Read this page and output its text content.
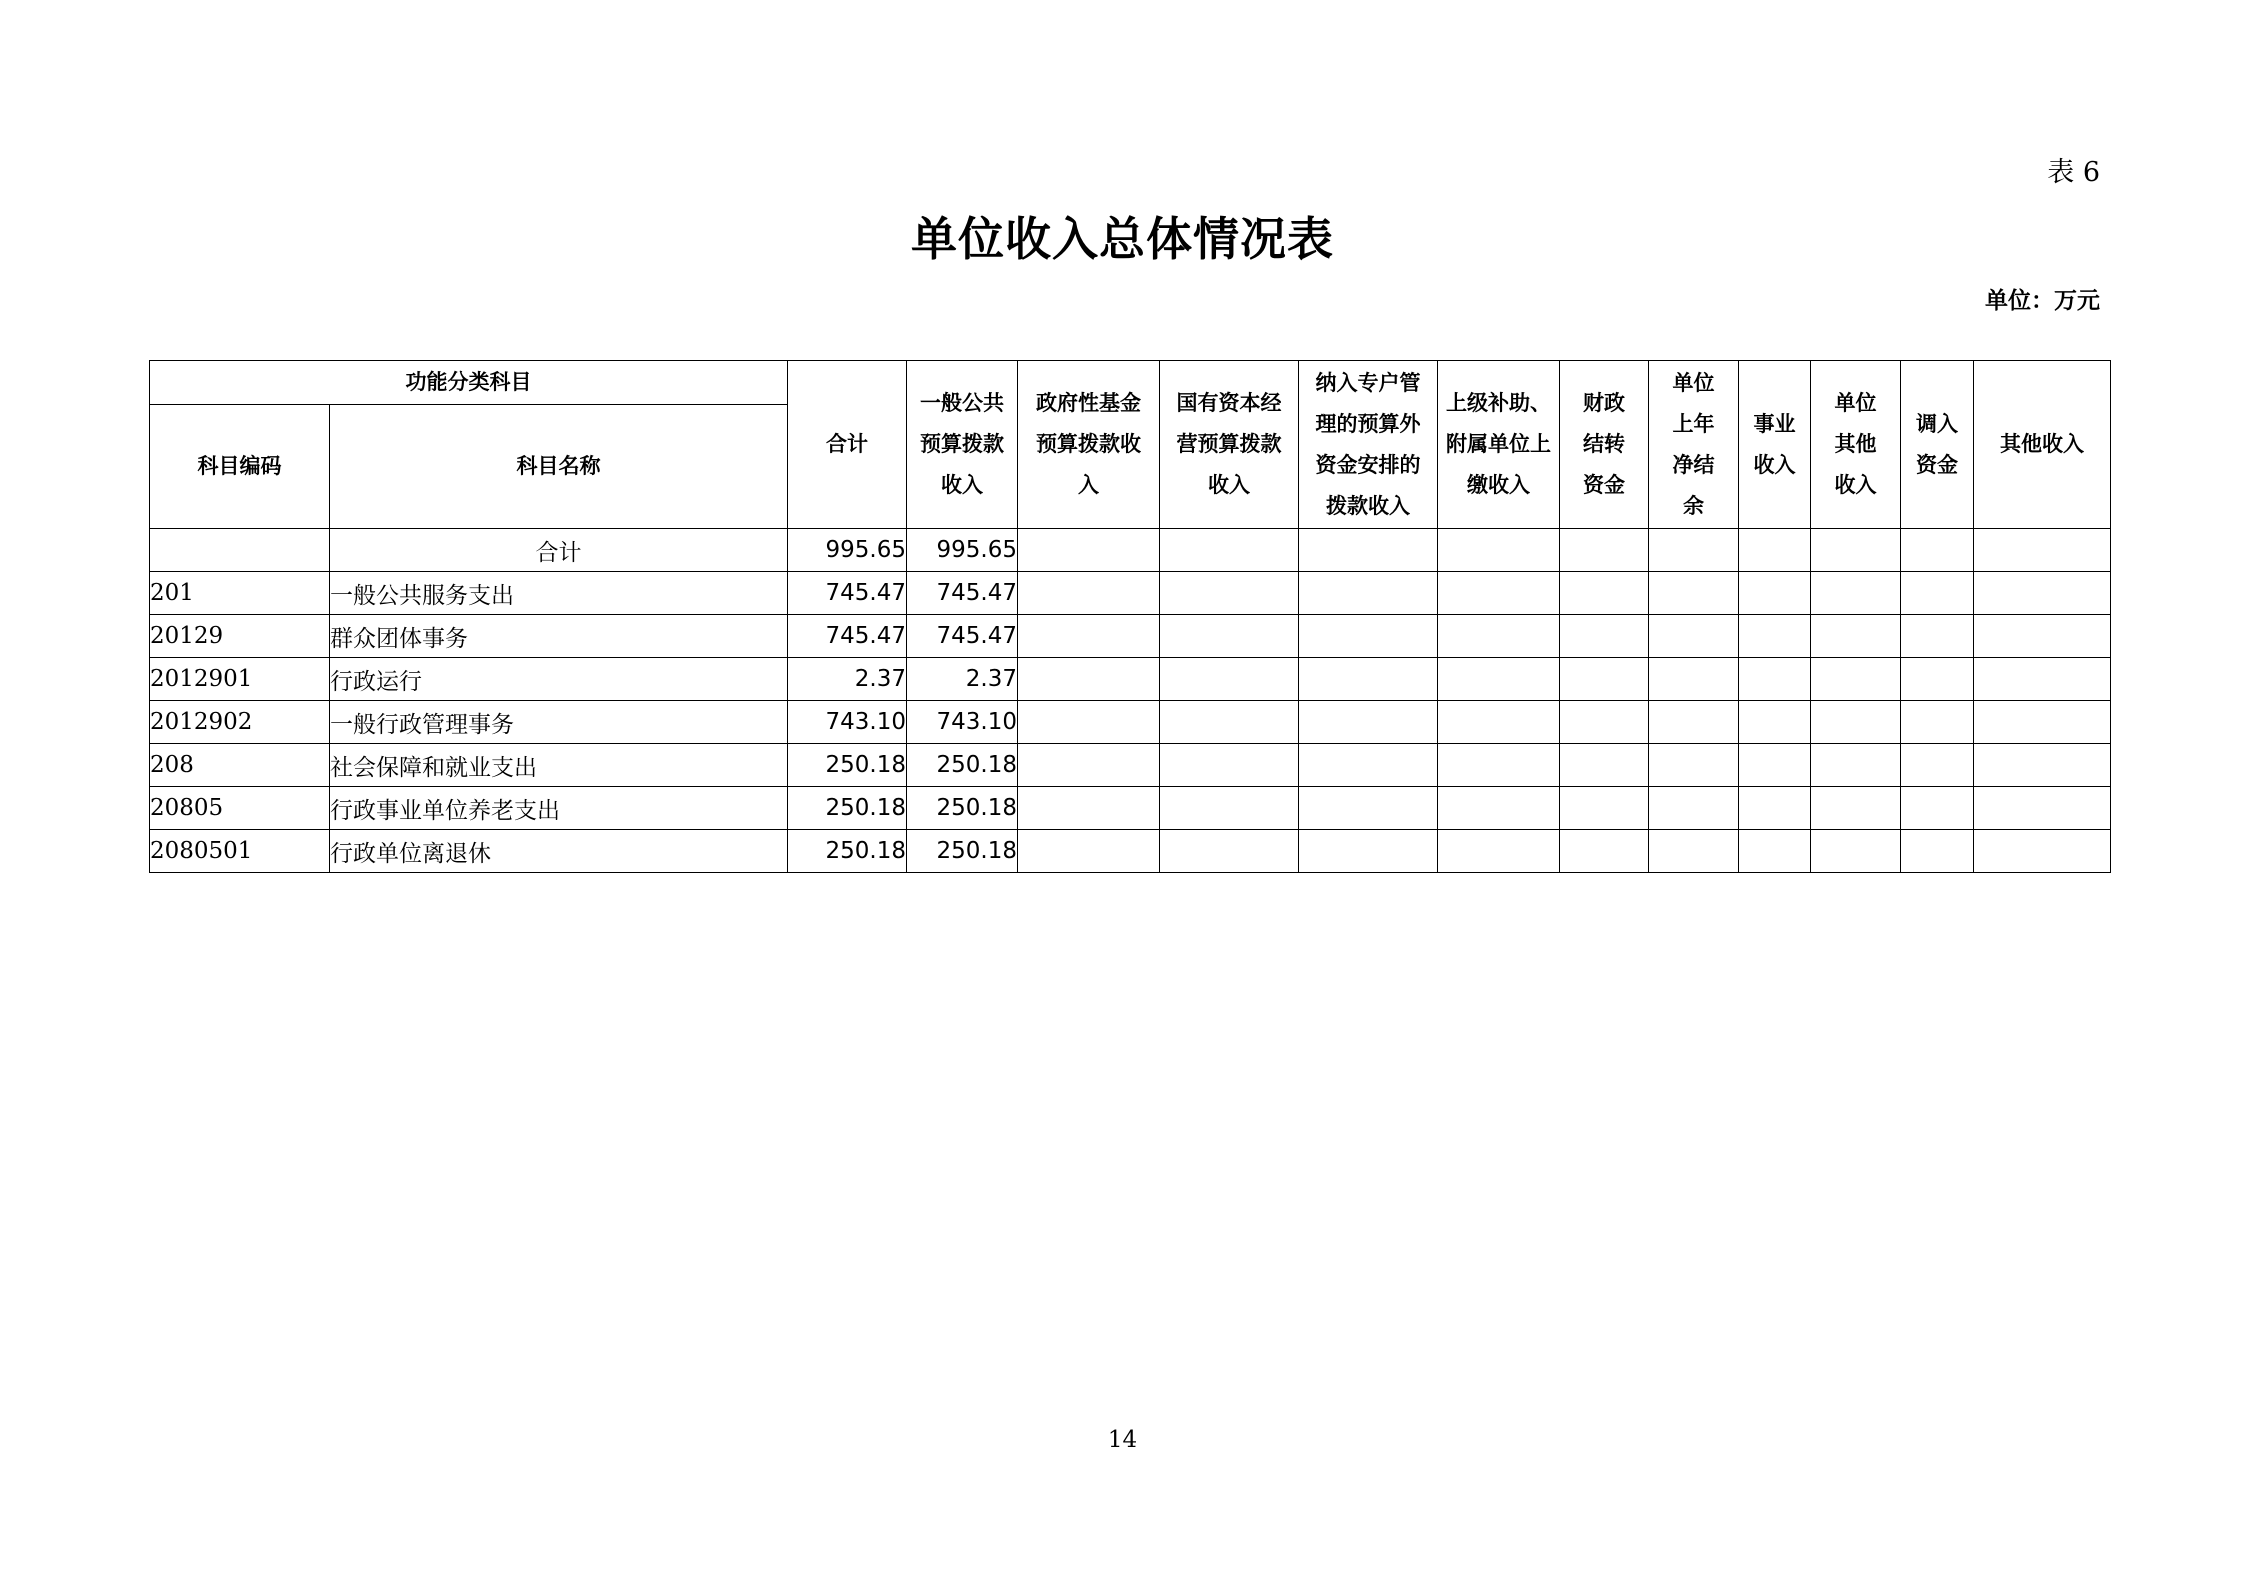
表 6
单位收入总体情况表
单位：万元
功能分类科目		合计	一般公共预算拨款收入	政府性基金预算拨款收入	国有资本经营预算拨款收入	纳入专户管理的预算外资金安排的拨款收入	上级补助、附属单位上缴收入	财政结转资金	单位上年净结余	事业收入	单位其他收入	调入资金	其他收入
科目编码	科目名称												
	合计	995.65	995.65										
201	一般公共服务支出	745.47	745.47										
20129	群众团体事务	745.47	745.47										
2012901	行政运行	2.37	2.37										
2012902	一般行政管理事务	743.10	743.10										
208	社会保障和就业支出	250.18	250.18										
20805	行政事业单位养老支出	250.18	250.18										
2080501	行政单位离退休	250.18	250.18										
14
